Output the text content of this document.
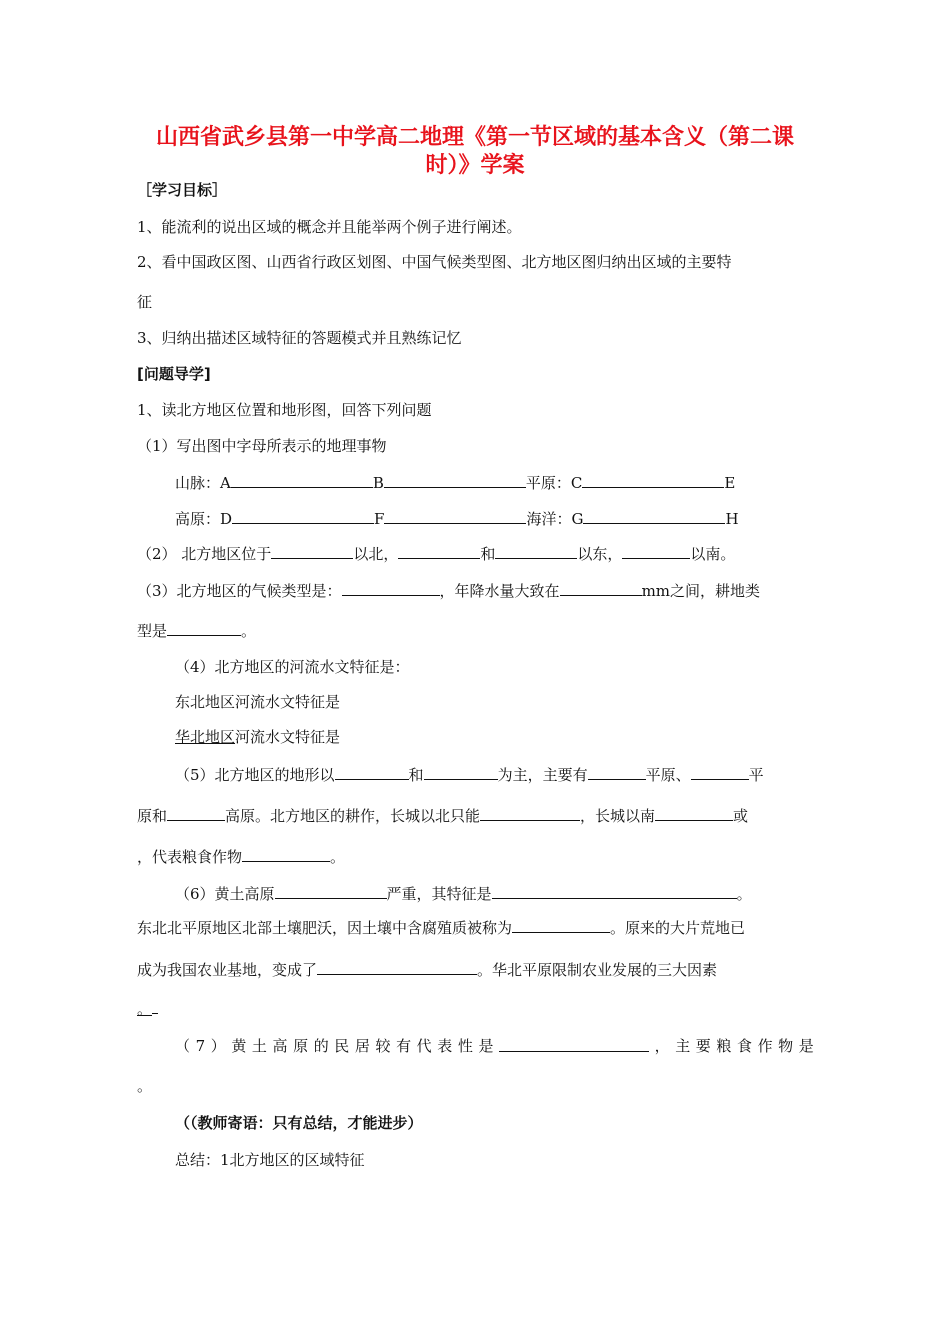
山西省武乡县第一中学高二地理《第一节区域的基本含义（第二课
时）》学案
［学习目标］
1、能流利的说出区域的概念并且能举两个例子进行阐述。
2、看中国政区图、山西省行政区划图、中国气候类型图、北方地区图归纳出区域的主要特
征
3、归纳出描述区域特征的答题模式并且熟练记忆
[问题导学]
1、读北方地区位置和地形图，回答下列问题
（1）写出图中字母所表示的地理事物
山脉：A	B	平原：C	E
高原：D	F	海洋：G	H
（2） 北方地区位于	以北，	和	以东，	以南。
（3）北方地区的气候类型是：	，年降水量大致在	mm之间，耕地类
型是	。
（4）北方地区的河流水文特征是：
东北地区河流水文特征是
华北地区河流水文特征是
（5）北方地区的地形以	和	为主，主要有	平原、	平
原和	高原。北方地区的耕作，长城以北只能	，长城以南	或
，代表粮食作物	。
（6）黄土高原	严重，其特征是	。
东北北平原地区北部土壤肥沃，因土壤中含腐殖质被称为	。原来的大片荒地已
成为我国农业基地，变成了	。华北平原限制农业发展的三大因素
。
（ 7 ） 黄 土 高 原 的 民 居 较 有 代 表 性 是	， 主 要 粮 食 作 物 是
。
（（教师寄语：只有总结，才能进步）
总结：1北方地区的区域特征
